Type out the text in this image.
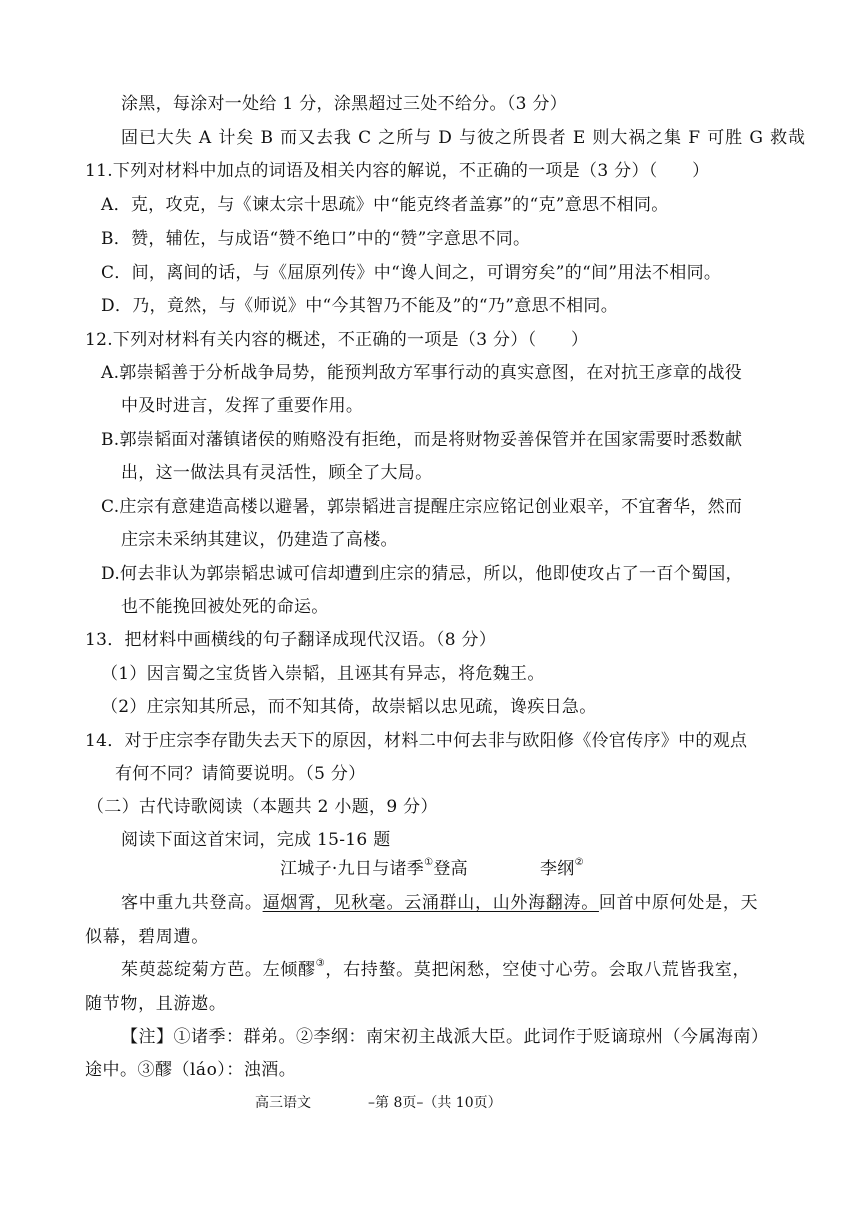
涂黑，每涂对一处给 1 分，涂黑超过三处不给分。（3 分）
固已大失 A 计矣 B 而又去我 C 之所与 D 与彼之所畏者 E 则大祸之集 F 可胜 G 救哉
11.下列对材料中加点的词语及相关内容的解说，不正确的一项是（3 分）（　　）
A．克，攻克，与《谏太宗十思疏》中“能克终者盖寡”的“克”意思不相同。
B．赞，辅佐，与成语“赞不绝口”中的“赞”字意思不同。
C．间，离间的话，与《屈原列传》中“谗人间之，可谓穷矣”的“间”用法不相同。
D．乃，竟然，与《师说》中“今其智乃不能及”的“乃”意思不相同。
12.下列对材料有关内容的概述，不正确的一项是（3 分）（　　）
A.郭崇韬善于分析战争局势，能预判敌方军事行动的真实意图，在对抗王彦章的战役
中及时进言，发挥了重要作用。
B.郭崇韬面对藩镇诸侯的贿赂没有拒绝，而是将财物妥善保管并在国家需要时悉数献
出，这一做法具有灵活性，顾全了大局。
C.庄宗有意建造高楼以避暑，郭崇韬进言提醒庄宗应铭记创业艰辛，不宜奢华，然而
庄宗未采纳其建议，仍建造了高楼。
D.何去非认为郭崇韬忠诚可信却遭到庄宗的猜忌，所以，他即使攻占了一百个蜀国，
也不能挽回被处死的命运。
13．把材料中画横线的句子翻译成现代汉语。（8 分）
（1）因言蜀之宝货皆入崇韬，且诬其有异志，将危魏王。
（2）庄宗知其所忌，而不知其倚，故崇韬以忠见疏，谗疾日急。
14．对于庄宗李存勖失去天下的原因，材料二中何去非与欧阳修《伶官传序》中的观点
有何不同？请简要说明。（5 分）
（二）古代诗歌阅读（本题共 2 小题，9 分）
阅读下面这首宋词，完成 15-16 题
江城子·九日与诸季①登高	李纲②
客中重九共登高。逼烟霄，见秋毫。云涌群山，山外海翻涛。回首中原何处是，天
似幕，碧周遭。
茱萸蕊绽菊方芭。左倾醪③，右持螯。莫把闲愁，空使寸心劳。会取八荒皆我室，
随节物，且游遨。
【注】①诸季：群弟。②李纲：南宋初主战派大臣。此词作于贬谪琼州（今属海南）
途中。③醪（láo）：浊酒。
高三语文	–第 8页–（共 10页）
